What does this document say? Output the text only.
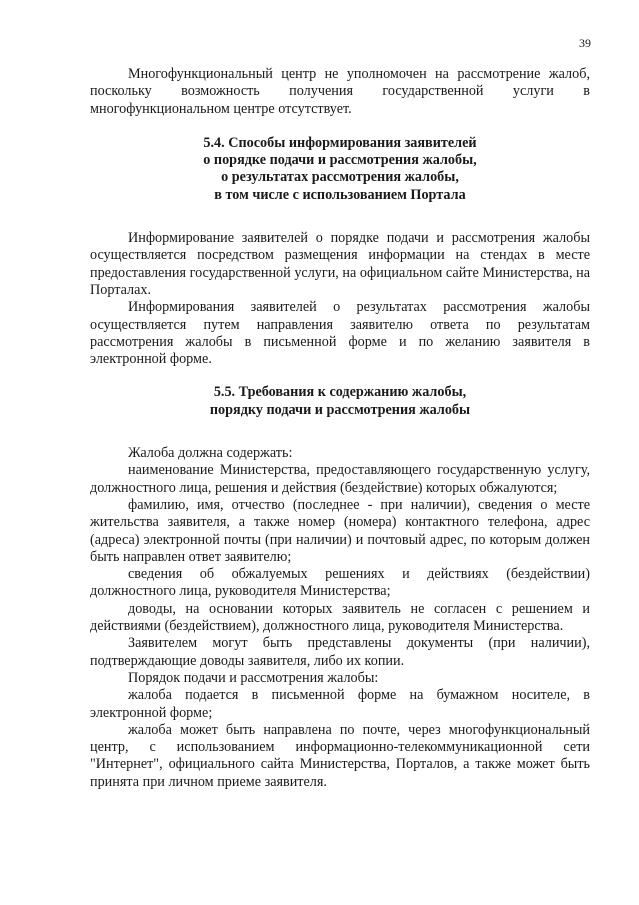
39

Многофункциональный центр не уполномочен на рассмотрение жалоб, поскольку возможность получения государственной услуги в многофункциональном центре отсутствует.

5.4. Способы информирования заявителей
о порядке подачи и рассмотрения жалобы,
о результатах рассмотрения жалобы,
в том числе с использованием Портала

Информирование заявителей о порядке подачи и рассмотрения жалобы осуществляется посредством размещения информации на стендах в месте предоставления государственной услуги, на официальном сайте Министерства, на Порталах.

Информирования заявителей о результатах рассмотрения жалобы осуществляется путем направления заявителю ответа по результатам рассмотрения жалобы в письменной форме и по желанию заявителя в электронной форме.

5.5. Требования к содержанию жалобы,
порядку подачи и рассмотрения жалобы

Жалоба должна содержать:

наименование Министерства, предоставляющего государственную услугу, должностного лица, решения и действия (бездействие) которых обжалуются;

фамилию, имя, отчество (последнее - при наличии), сведения о месте жительства заявителя, а также номер (номера) контактного телефона, адрес (адреса) электронной почты (при наличии) и почтовый адрес, по которым должен быть направлен ответ заявителю;

сведения об обжалуемых решениях и действиях (бездействии) должностного лица, руководителя Министерства;

доводы, на основании которых заявитель не согласен с решением и действиями (бездействием), должностного лица, руководителя Министерства.

Заявителем могут быть представлены документы (при наличии), подтверждающие доводы заявителя, либо их копии.

Порядок подачи и рассмотрения жалобы:

жалоба подается в письменной форме на бумажном носителе, в электронной форме;

жалоба может быть направлена по почте, через многофункциональный центр, с использованием информационно-телекоммуникационной сети "Интернет", официального сайта Министерства, Порталов, а также может быть принята при личном приеме заявителя.
